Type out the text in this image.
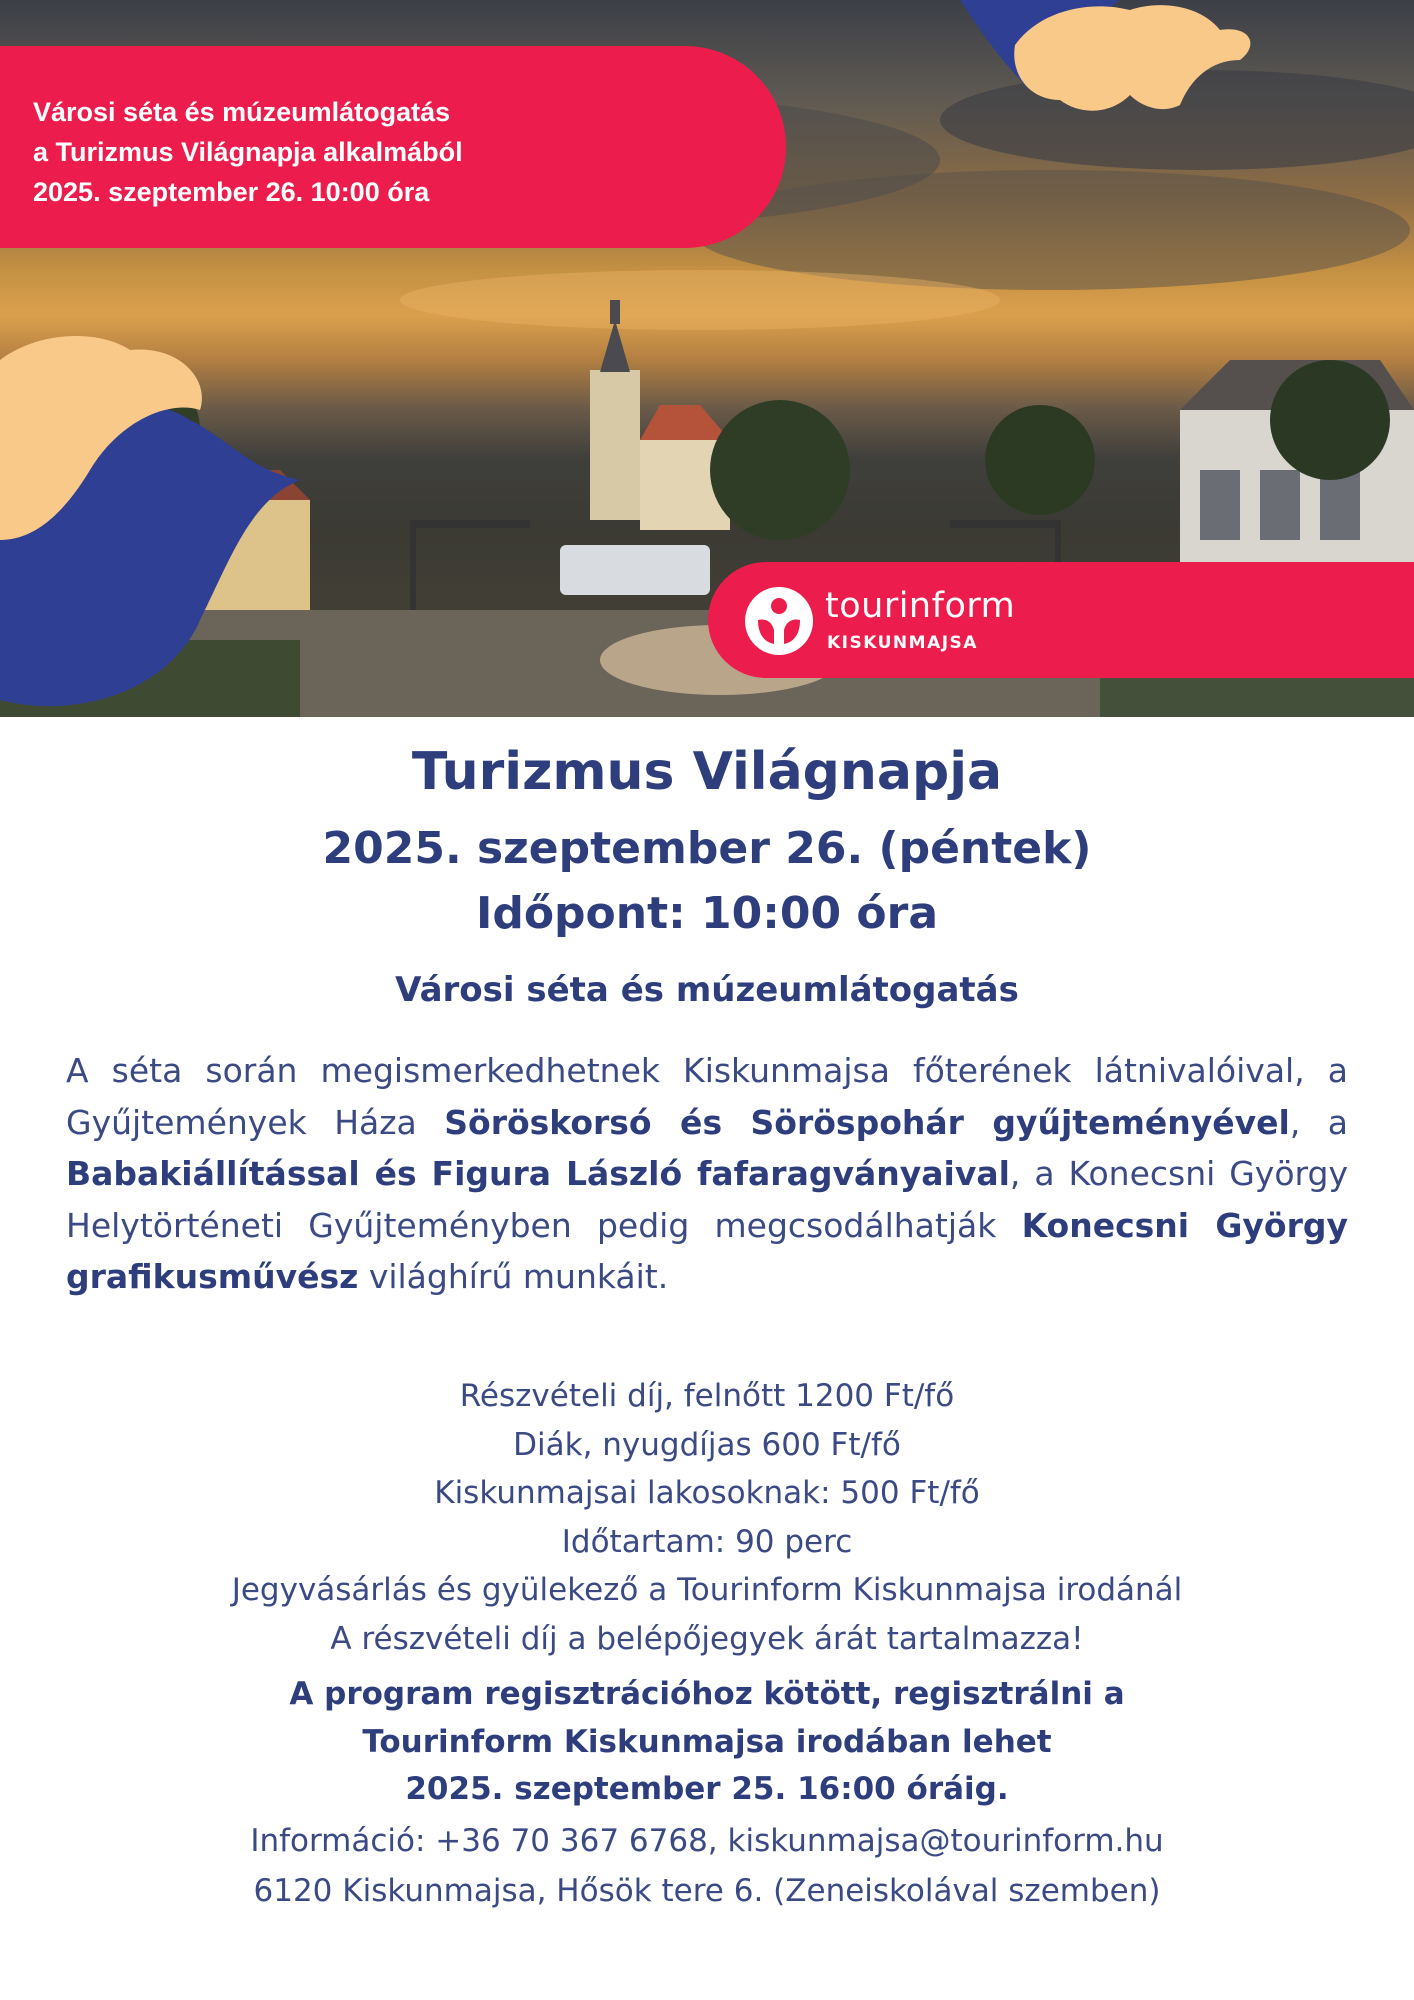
Városi séta és múzeumlátogatás
a Turizmus Világnapja alkalmából
2025. szeptember 26. 10:00 óra
tourinform
KISKUNMAJSA
Turizmus Világnapja
2025. szeptember 26. (péntek)
Időpont: 10:00 óra
Városi séta és múzeumlátogatás
A séta során megismerkedhetnek Kiskunmajsa főterének látnivalóival, a Gyűjtemények Háza Söröskorsó és Söröspohár gyűjteményével, a Babakiállítással és Figura László fafaragványaival, a Konecsni György Helytörténeti Gyűjteményben pedig megcsodálhatják Konecsni György grafikusművész világhírű munkáit.
Részvételi díj, felnőtt 1200 Ft/fő
Diák, nyugdíjas 600 Ft/fő
Kiskunmajsai lakosoknak: 500 Ft/fő
Időtartam: 90 perc
Jegyvásárlás és gyülekező a Tourinform Kiskunmajsa irodánál
A részvételi díj a belépőjegyek árát tartalmazza!
A program regisztrációhoz kötött, regisztrálni a
Tourinform Kiskunmajsa irodában lehet
2025. szeptember 25. 16:00 óráig.
Információ: +36 70 367 6768, kiskunmajsa@tourinform.hu
6120 Kiskunmajsa, Hősök tere 6. (Zeneiskolával szemben)
